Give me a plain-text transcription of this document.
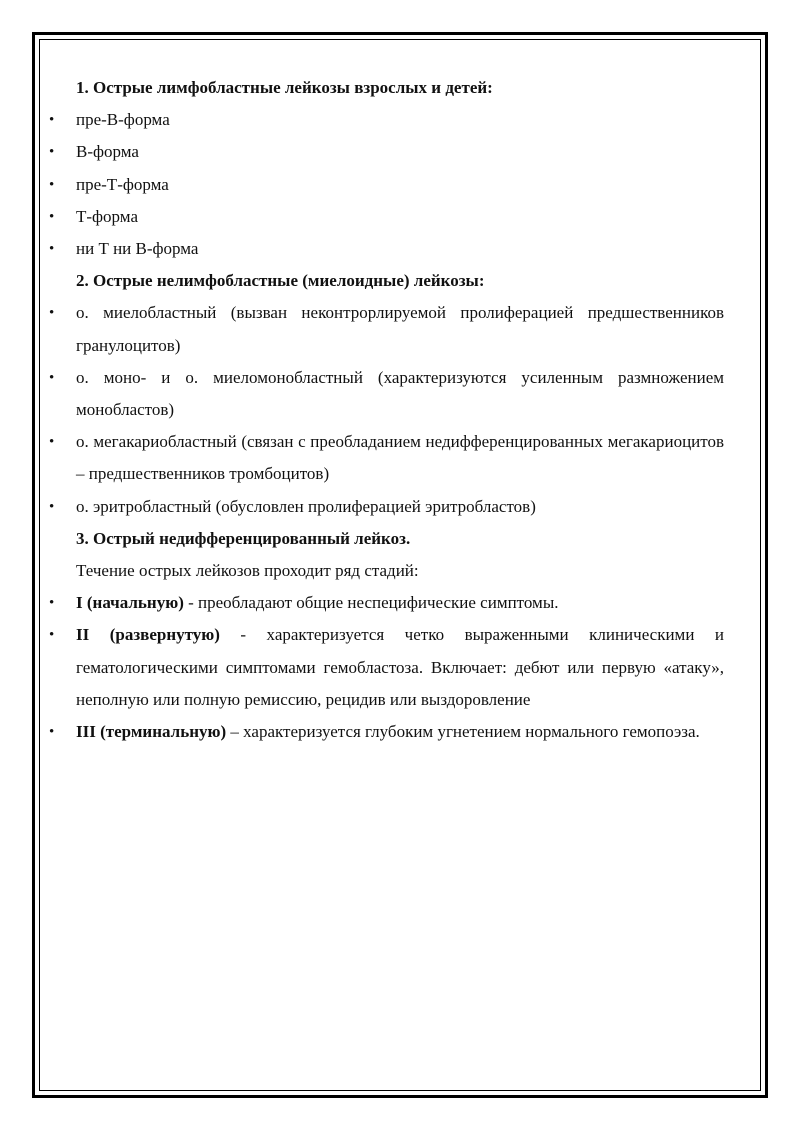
1. Острые лимфобластные лейкозы взрослых и детей:

• пре-В-форма

• В-форма

• пре-Т-форма

• Т-форма

• ни Т ни В-форма

2. Острые нелимфобластные (миелоидные) лейкозы:

• о. миелобластный (вызван неконтрорлируемой пролиферацией предшественников гранулоцитов)

• о. моно- и о. миеломонобластный (характеризуются усиленным размножением монобластов)

• о. мегакариобластный (связан с преобладанием недифференцированных мегакариоцитов – предшественников тромбоцитов)

• о. эритробластный (обусловлен пролиферацией эритробластов)

3. Острый недифференцированный лейкоз.

Течение острых лейкозов проходит ряд стадий:

• I (начальную) - преобладают общие неспецифические симптомы.

• II (развернутую) - характеризуется четко выраженными клиническими и гематологическими симптомами гемобластоза. Включает: дебют или первую «атаку», неполную или полную ремиссию, рецидив или выздоровление

• III (терминальную) – характеризуется глубоким угнетением нормального гемопоэза.
